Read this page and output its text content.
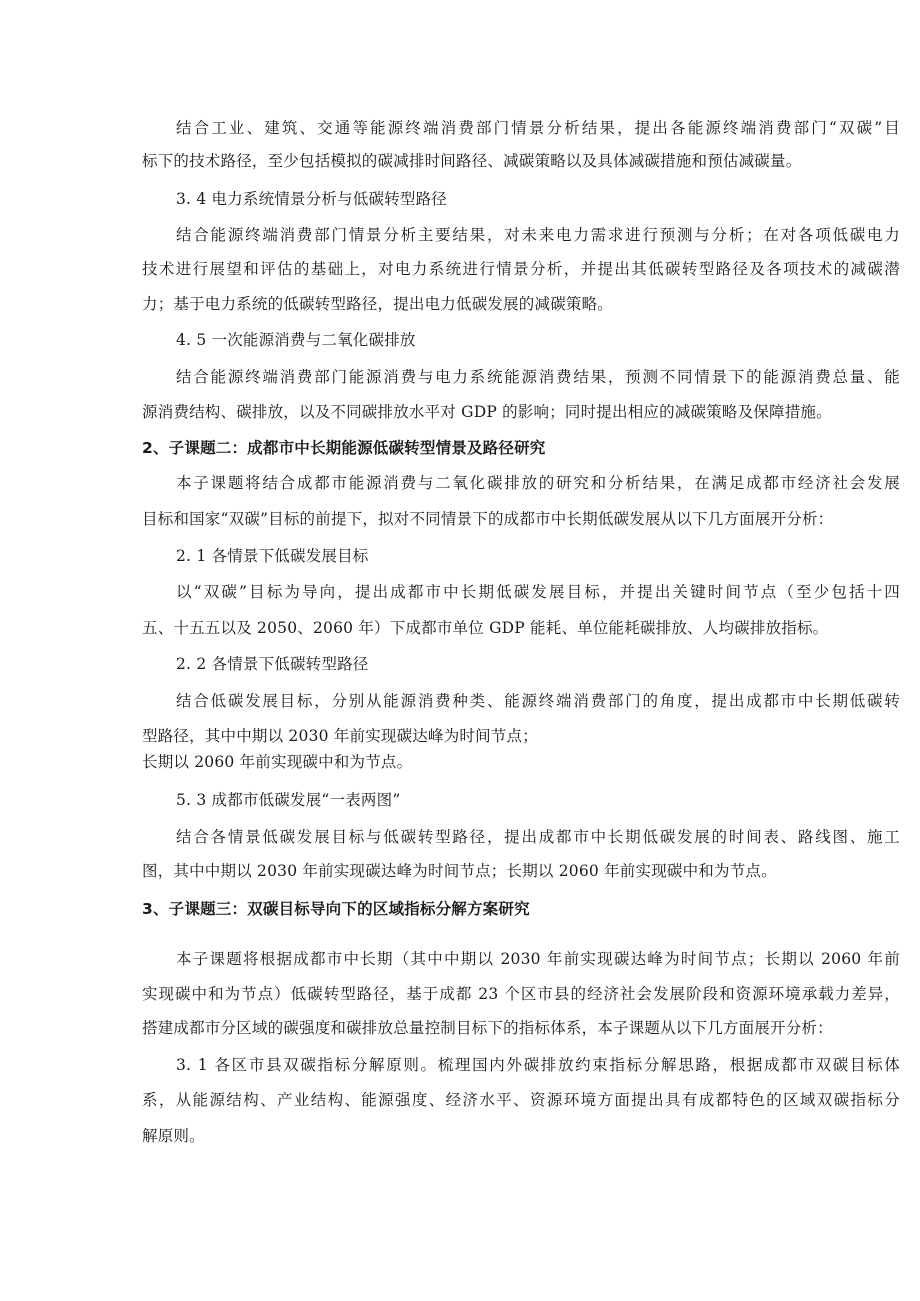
结合工业、建筑、交通等能源终端消费部门情景分析结果，提出各能源终端消费部门“双碳”目
标下的技术路径，至少包括模拟的碳减排时间路径、减碳策略以及具体减碳措施和预估减碳量。
3. 4 电力系统情景分析与低碳转型路径
结合能源终端消费部门情景分析主要结果，对未来电力需求进行预测与分析；在对各项低碳电力
技术进行展望和评估的基础上，对电力系统进行情景分析，并提出其低碳转型路径及各项技术的减碳潜
力；基于电力系统的低碳转型路径，提出电力低碳发展的减碳策略。
4. 5 一次能源消费与二氧化碳排放
结合能源终端消费部门能源消费与电力系统能源消费结果，预测不同情景下的能源消费总量、能
源消费结构、碳排放，以及不同碳排放水平对 GDP 的影响；同时提出相应的减碳策略及保障措施。
2、子课题二：成都市中长期能源低碳转型情景及路径研究
本子课题将结合成都市能源消费与二氧化碳排放的研究和分析结果，在满足成都市经济社会发展
目标和国家“双碳”目标的前提下，拟对不同情景下的成都市中长期低碳发展从以下几方面展开分析：
2. 1 各情景下低碳发展目标
以“双碳”目标为导向，提出成都市中长期低碳发展目标，并提出关键时间节点（至少包括十四
五、十五五以及 2050、2060 年）下成都市单位 GDP 能耗、单位能耗碳排放、人均碳排放指标。
2. 2 各情景下低碳转型路径
结合低碳发展目标，分别从能源消费种类、能源终端消费部门的角度，提出成都市中长期低碳转
型路径，其中中期以 2030 年前实现碳达峰为时间节点；
长期以 2060 年前实现碳中和为节点。
5. 3 成都市低碳发展“一表两图”
结合各情景低碳发展目标与低碳转型路径，提出成都市中长期低碳发展的时间表、路线图、施工
图，其中中期以 2030 年前实现碳达峰为时间节点；长期以 2060 年前实现碳中和为节点。
3、子课题三：双碳目标导向下的区域指标分解方案研究
本子课题将根据成都市中长期（其中中期以 2030 年前实现碳达峰为时间节点；长期以 2060 年前
实现碳中和为节点）低碳转型路径，基于成都 23 个区市县的经济社会发展阶段和资源环境承载力差异，
搭建成都市分区域的碳强度和碳排放总量控制目标下的指标体系，本子课题从以下几方面展开分析：
3. 1 各区市县双碳指标分解原则。梳理国内外碳排放约束指标分解思路，根据成都市双碳目标体
系，从能源结构、产业结构、能源强度、经济水平、资源环境方面提出具有成都特色的区域双碳指标分
解原则。
